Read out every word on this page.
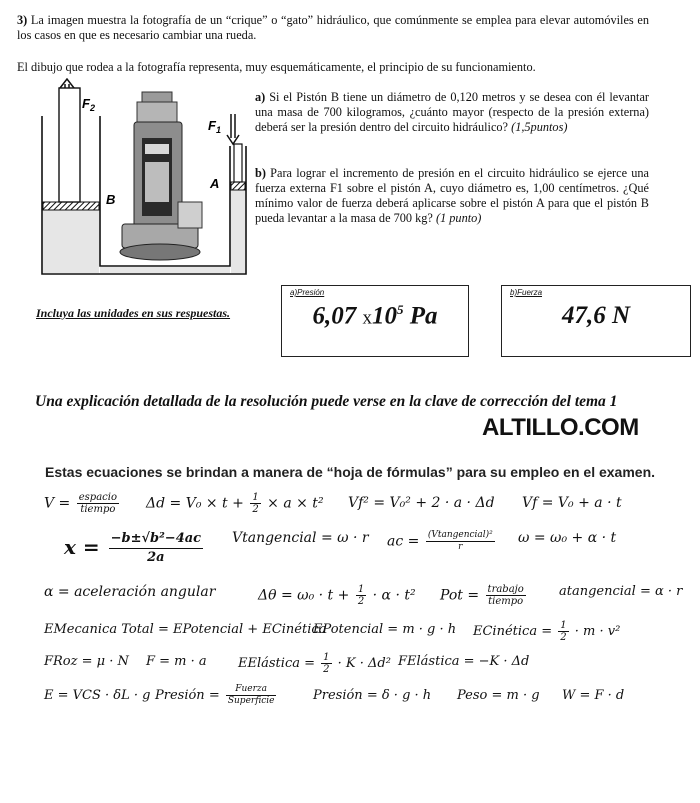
3) La imagen muestra la fotografía de un “crique” o “gato” hidráulico, que comúnmente se emplea para elevar automóviles en los casos en que es necesario cambiar una rueda.
El dibujo que rodea a la fotografía representa, muy esquemáticamente, el principio de su funcionamiento.
$F_2$
$F_1$
B
A
a) Si el Pistón B tiene un diámetro de 0,120 metros y se desea con él levantar una masa de 700 kilogramos, ¿cuánto mayor (respecto de la presión externa) deberá ser la presión dentro del circuito hidráulico? (1,5puntos)
b) Para lograr el incremento de presión en el circuito hidráulico se ejerce una fuerza externa F1 sobre el pistón A, cuyo diámetro es, 1,00 centímetros. ¿Qué mínimo valor de fuerza deberá aplicarse sobre el pistón A para que el pistón B pueda levantar a la masa de 700 kg? (1 punto)
Incluya las unidades en sus respuestas.
a)Presión
6,07 $x10^5$ Pa
b)Fuerza
47,6 N
Una explicación detallada de la resolución puede verse en la clave de corrección del tema 1
ALTILLO.COM
Estas ecuaciones se brindan a manera de “hoja de fórmulas” para su empleo en el examen.
$V = \frac{\text{espacio}}{\text{tiempo}}$ $\Delta d = V_0 \times t + \frac{1}{2} \times a \times t^2$ Vf² = V₀² + 2 · a · Δd Vf = V₀ + a · t
$x = \frac{\text{−b±√b²−4ac}}{2a}$ Vtangencial = ω · r ac = $\frac{\text{(Vtangencial)²}}{r}$ ω = ω₀ + α · t
α = aceleración angular	$\Delta\theta = \omega_0 \cdot t + \frac{1}{2} \cdot \alpha \cdot t^2$ Pot = $\frac{\text{trabajo}}{\text{tiempo}}$	atangencial = α · r
EMecanica Total = EPotencial + ECinética
EPotencial = m · g · h ECinética = $\frac{1}{2} \cdot m \cdot v^2$
FRoz = μ · N F = m · a EElástica = $\frac{1}{2} \cdot K \cdot \Delta d^2$ FElástica = −K · Δd
E = VCS · δL · g Presión = $\frac{\text{Fuerza}}{\text{Superficie}}$	Presión = δ · g · h Peso = m · g W = F · d
